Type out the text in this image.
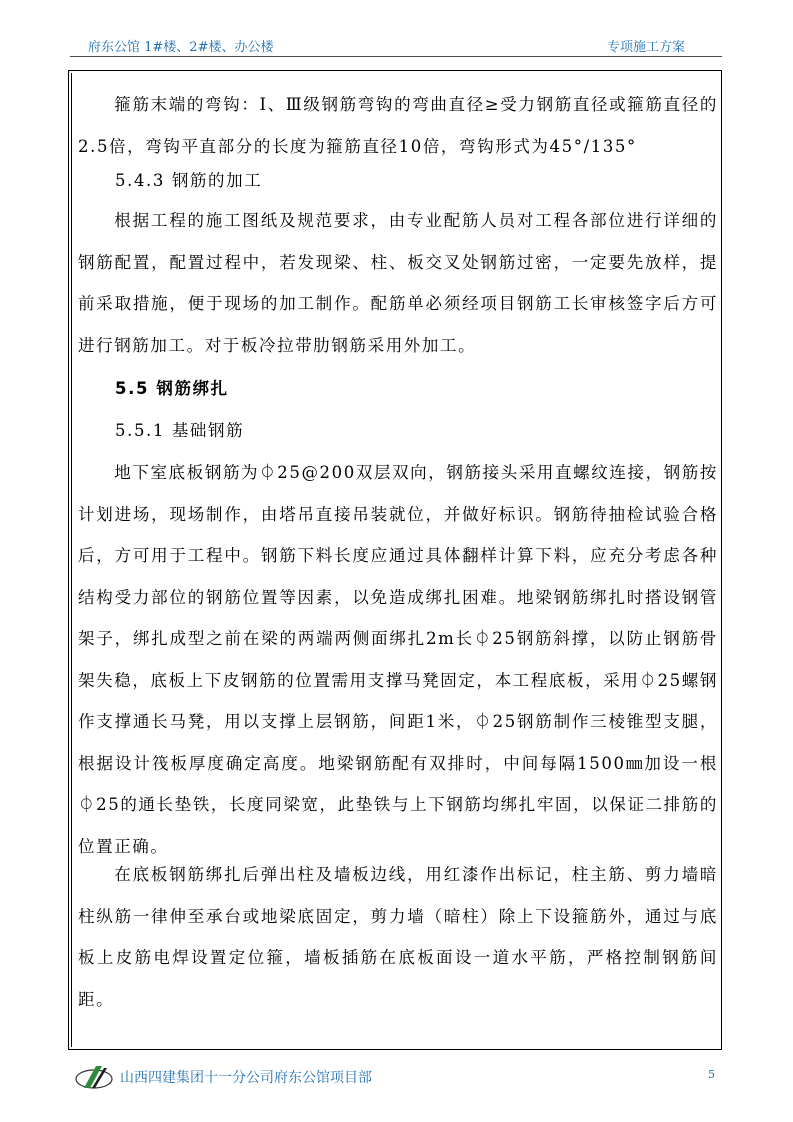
府东公馆 1#楼、2#楼、办公楼	专项施工方案

箍筋末端的弯钩：Ⅰ、Ⅲ级钢筋弯钩的弯曲直径≥受力钢筋直径或箍筋直径的2.5倍，弯钩平直部分的长度为箍筋直径10倍，弯钩形式为45°/135°

5.4.3 钢筋的加工

根据工程的施工图纸及规范要求，由专业配筋人员对工程各部位进行详细的钢筋配置，配置过程中，若发现梁、柱、板交叉处钢筋过密，一定要先放样，提前采取措施，便于现场的加工制作。配筋单必须经项目钢筋工长审核签字后方可进行钢筋加工。对于板冷拉带肋钢筋采用外加工。

5.5 钢筋绑扎

5.5.1 基础钢筋

地下室底板钢筋为⏀25@200双层双向，钢筋接头采用直螺纹连接，钢筋按计划进场，现场制作，由塔吊直接吊装就位，并做好标识。钢筋待抽检试验合格后，方可用于工程中。钢筋下料长度应通过具体翻样计算下料，应充分考虑各种结构受力部位的钢筋位置等因素，以免造成绑扎困难。地梁钢筋绑扎时搭设钢管架子，绑扎成型之前在梁的两端两侧面绑扎2m长⏀25钢筋斜撑，以防止钢筋骨架失稳，底板上下皮钢筋的位置需用支撑马凳固定，本工程底板，采用⏀25螺钢作支撑通长马凳，用以支撑上层钢筋，间距1米，⏀25钢筋制作三棱锥型支腿，根据设计筏板厚度确定高度。地梁钢筋配有双排时，中间每隔1500㎜加设一根⏀25的通长垫铁，长度同梁宽，此垫铁与上下钢筋均绑扎牢固，以保证二排筋的位置正确。

在底板钢筋绑扎后弹出柱及墙板边线，用红漆作出标记，柱主筋、剪力墙暗柱纵筋一律伸至承台或地梁底固定，剪力墙（暗柱）除上下设箍筋外，通过与底板上皮筋电焊设置定位箍，墙板插筋在底板面设一道水平筋，严格控制钢筋间距。

山西四建集团十一分公司府东公馆项目部	5
